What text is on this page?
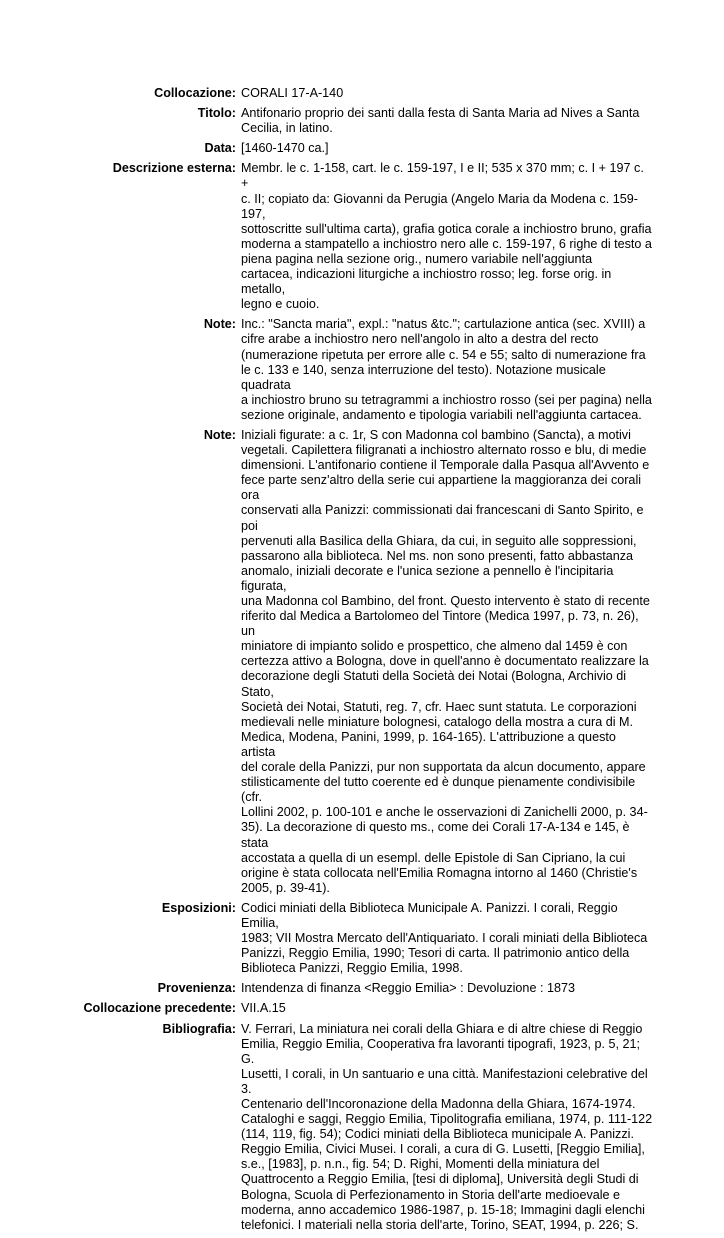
Collocazione: CORALI 17-A-140
Titolo: Antifonario proprio dei santi dalla festa di Santa Maria ad Nives a Santa
Cecilia, in latino.
Data: [1460-1470 ca.]
Descrizione esterna: Membr. le c. 1-158, cart. le c. 159-197, I e II; 535 x 370 mm; c. I + 197 c. +
c. II; copiato da: Giovanni da Perugia (Angelo Maria da Modena c. 159-197,
sottoscritte sull'ultima carta), grafia gotica corale a inchiostro bruno, grafia
moderna a stampatello a inchiostro nero alle c. 159-197, 6 righe di testo a
piena pagina nella sezione orig., numero variabile nell'aggiunta
cartacea, indicazioni liturgiche a inchiostro rosso; leg. forse orig. in metallo,
legno e cuoio.
Note: Inc.: "Sancta maria", expl.: "natus &tc."; cartulazione antica (sec. XVIII) a
cifre arabe a inchiostro nero nell'angolo in alto a destra del recto
(numerazione ripetuta per errore alle c. 54 e 55; salto di numerazione fra
le c. 133 e 140, senza interruzione del testo). Notazione musicale quadrata
a inchiostro bruno su tetragrammi a inchiostro rosso (sei per pagina) nella
sezione originale, andamento e tipologia variabili nell'aggiunta cartacea.
Note: Iniziali figurate: a c. 1r, S con Madonna col bambino (Sancta), a motivi
vegetali. Capilettera filigranati a inchiostro alternato rosso e blu, di medie
dimensioni. L'antifonario contiene il Temporale dalla Pasqua all'Avvento e
fece parte senz'altro della serie cui appartiene la maggioranza dei corali ora
conservati alla Panizzi: commissionati dai francescani di Santo Spirito, e poi
pervenuti alla Basilica della Ghiara, da cui, in seguito alle soppressioni,
passarono alla biblioteca. Nel ms. non sono presenti, fatto abbastanza
anomalo, iniziali decorate e l'unica sezione a pennello è l'incipitaria figurata,
una Madonna col Bambino, del front. Questo intervento è stato di recente
riferito dal Medica a Bartolomeo del Tintore (Medica 1997, p. 73, n. 26), un
miniatore di impianto solido e prospettico, che almeno dal 1459 è con
certezza attivo a Bologna, dove in quell'anno è documentato realizzare la
decorazione degli Statuti della Società dei Notai (Bologna, Archivio di Stato,
Società dei Notai, Statuti, reg. 7, cfr. Haec sunt statuta. Le corporazioni
medievali nelle miniature bolognesi, catalogo della mostra a cura di M.
Medica, Modena, Panini, 1999, p. 164-165). L'attribuzione a questo artista
del corale della Panizzi, pur non supportata da alcun documento, appare
stilisticamente del tutto coerente ed è dunque pienamente condivisibile (cfr.
Lollini 2002, p. 100-101 e anche le osservazioni di Zanichelli 2000, p. 34-
35). La decorazione di questo ms., come dei Corali 17-A-134 e 145, è stata
accostata a quella di un esempl. delle Epistole di San Cipriano, la cui
origine è stata collocata nell'Emilia Romagna intorno al 1460 (Christie's
2005, p. 39-41).
Esposizioni: Codici miniati della Biblioteca Municipale A. Panizzi. I corali, Reggio Emilia,
1983; VII Mostra Mercato dell'Antiquariato. I corali miniati della Biblioteca
Panizzi, Reggio Emilia, 1990; Tesori di carta. Il patrimonio antico della
Biblioteca Panizzi, Reggio Emilia, 1998.
Provenienza: Intendenza di finanza <Reggio Emilia> : Devoluzione : 1873
Collocazione precedente: VII.A.15
Bibliografia: V. Ferrari, La miniatura nei corali della Ghiara e di altre chiese di Reggio
Emilia, Reggio Emilia, Cooperativa fra lavoranti tipografi, 1923, p. 5, 21; G.
Lusetti, I corali, in Un santuario e una città. Manifestazioni celebrative del 3.
Centenario dell'Incoronazione della Madonna della Ghiara, 1674-1974.
Cataloghi e saggi, Reggio Emilia, Tipolitografia emiliana, 1974, p. 111-122
(114, 119, fig. 54); Codici miniati della Biblioteca municipale A. Panizzi.
Reggio Emilia, Civici Musei. I corali, a cura di G. Lusetti, [Reggio Emilia],
s.e., [1983], p. n.n., fig. 54; D. Righi, Momenti della miniatura del
Quattrocento a Reggio Emilia, [tesi di diploma], Università degli Studi di
Bologna, Scuola di Perfezionamento in Storia dell'arte medioevale e
moderna, anno accademico 1986-1987, p. 15-18; Immagini dagli elenchi
telefonici. I materiali nella storia dell'arte, Torino, SEAT, 1994, p. 226; S.
